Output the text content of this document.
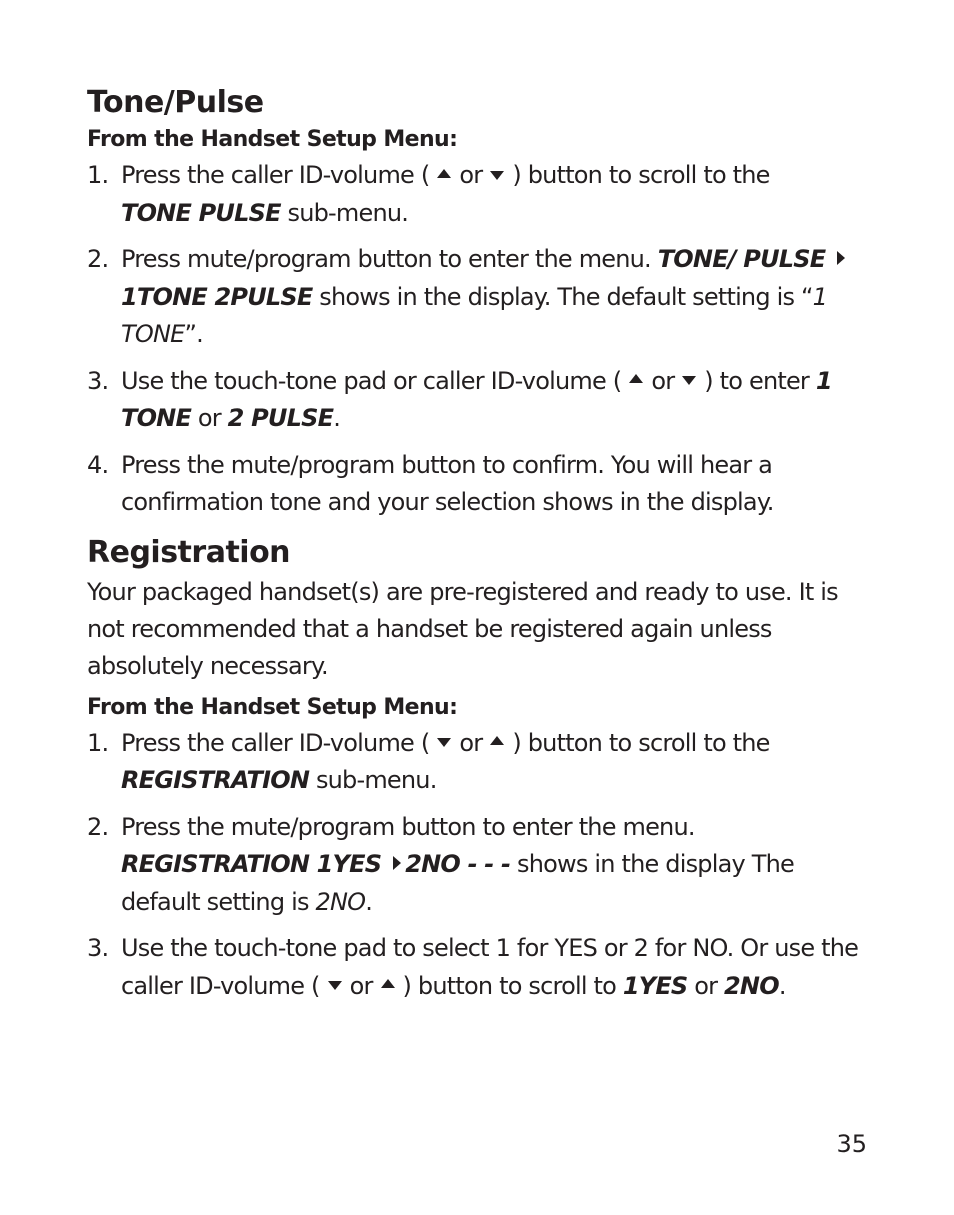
Tone/Pulse
From the Handset Setup Menu:
1. Press the caller ID-volume ( or ) button to scroll to the
TONE PULSE sub-menu.
2. Press mute/program button to enter the menu. TONE/ PULSE1TONE 2PULSE shows in the display. The default setting is “1 TONE”.
3. Use the touch-tone pad or caller ID-volume ( or ) to enter 1 TONE or 2 PULSE.
4. Press the mute/program button to confirm. You will hear a confirmation tone and your selection shows in the display.
Registration

Your packaged handset(s) are pre-registered and ready to use. It is not recommended that a handset be registered again unless absolutely necessary.

From the Handset Setup Menu:
1. Press the caller ID-volume ( or ) button to scroll to the
REGISTRATION sub-menu.
2. Press the mute/program button to enter the menu.
REGISTRATION 1YES 2NO - - - shows in the display The default setting is 2NO.
3. Use the touch-tone pad to select 1 for YES or 2 for NO. Or use the caller ID-volume ( or ) button to scroll to 1YES or 2NO.
35
